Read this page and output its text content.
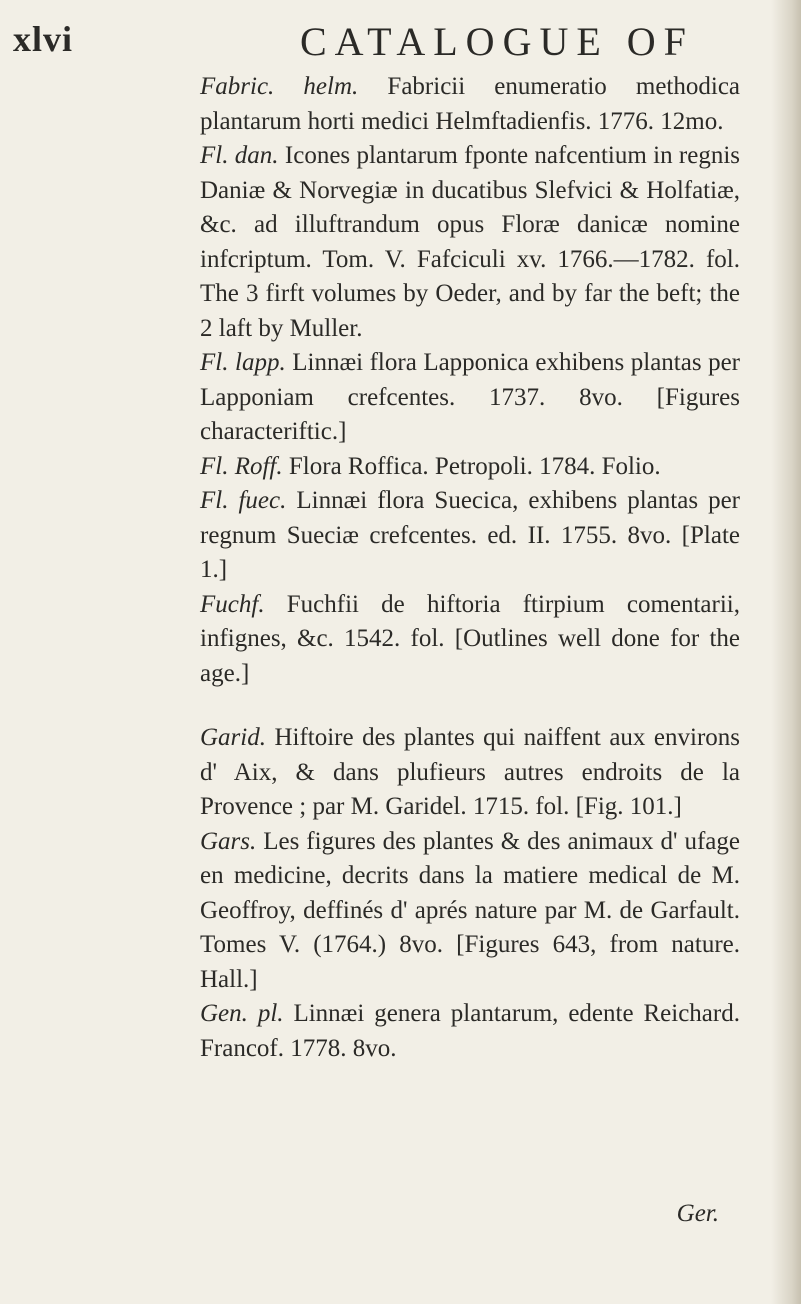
xlvi	CATALOGUE OF

Fabric. helm. Fabricii enumeratio methodica plantarum horti medici Helmftadienfis. 1776. 12mo.

Fl. dan. Icones plantarum fponte nafcentium in regnis Daniæ & Norvegiæ in ducatibus Slefvici & Holfatiæ, &c. ad illuftrandum opus Floræ danicæ nomine infcriptum. Tom. V. Fafciculi xv. 1766.—1782. fol. The 3 firft volumes by Oeder, and by far the beft; the 2 laft by Muller.

Fl. lapp. Linnæi flora Lapponica exhibens plantas per Lapponiam crefcentes. 1737. 8vo. [Figures characteriftic.]

Fl. Roff. Flora Roffica. Petropoli. 1784. Folio.

Fl. fuec. Linnæi flora Suecica, exhibens plantas per regnum Sueciæ crefcentes. ed. II. 1755. 8vo. [Plate 1.]

Fuchf. Fuchfii de hiftoria ftirpium comentarii, infignes, &c. 1542. fol. [Outlines well done for the age.]

Garid. Hiftoire des plantes qui naiffent aux environs d' Aix, & dans plufieurs autres endroits de la Provence ; par M. Garidel. 1715. fol. [Fig. 101.]

Gars. Les figures des plantes & des animaux d' ufage en medicine, decrits dans la matiere medical de M. Geoffroy, deffinés d' aprés nature par M. de Garfault. Tomes V. (1764.) 8vo. [Figures 643, from nature. Hall.]

Gen. pl. Linnæi genera plantarum, edente Reichard. Francof. 1778. 8vo.

Ger.
